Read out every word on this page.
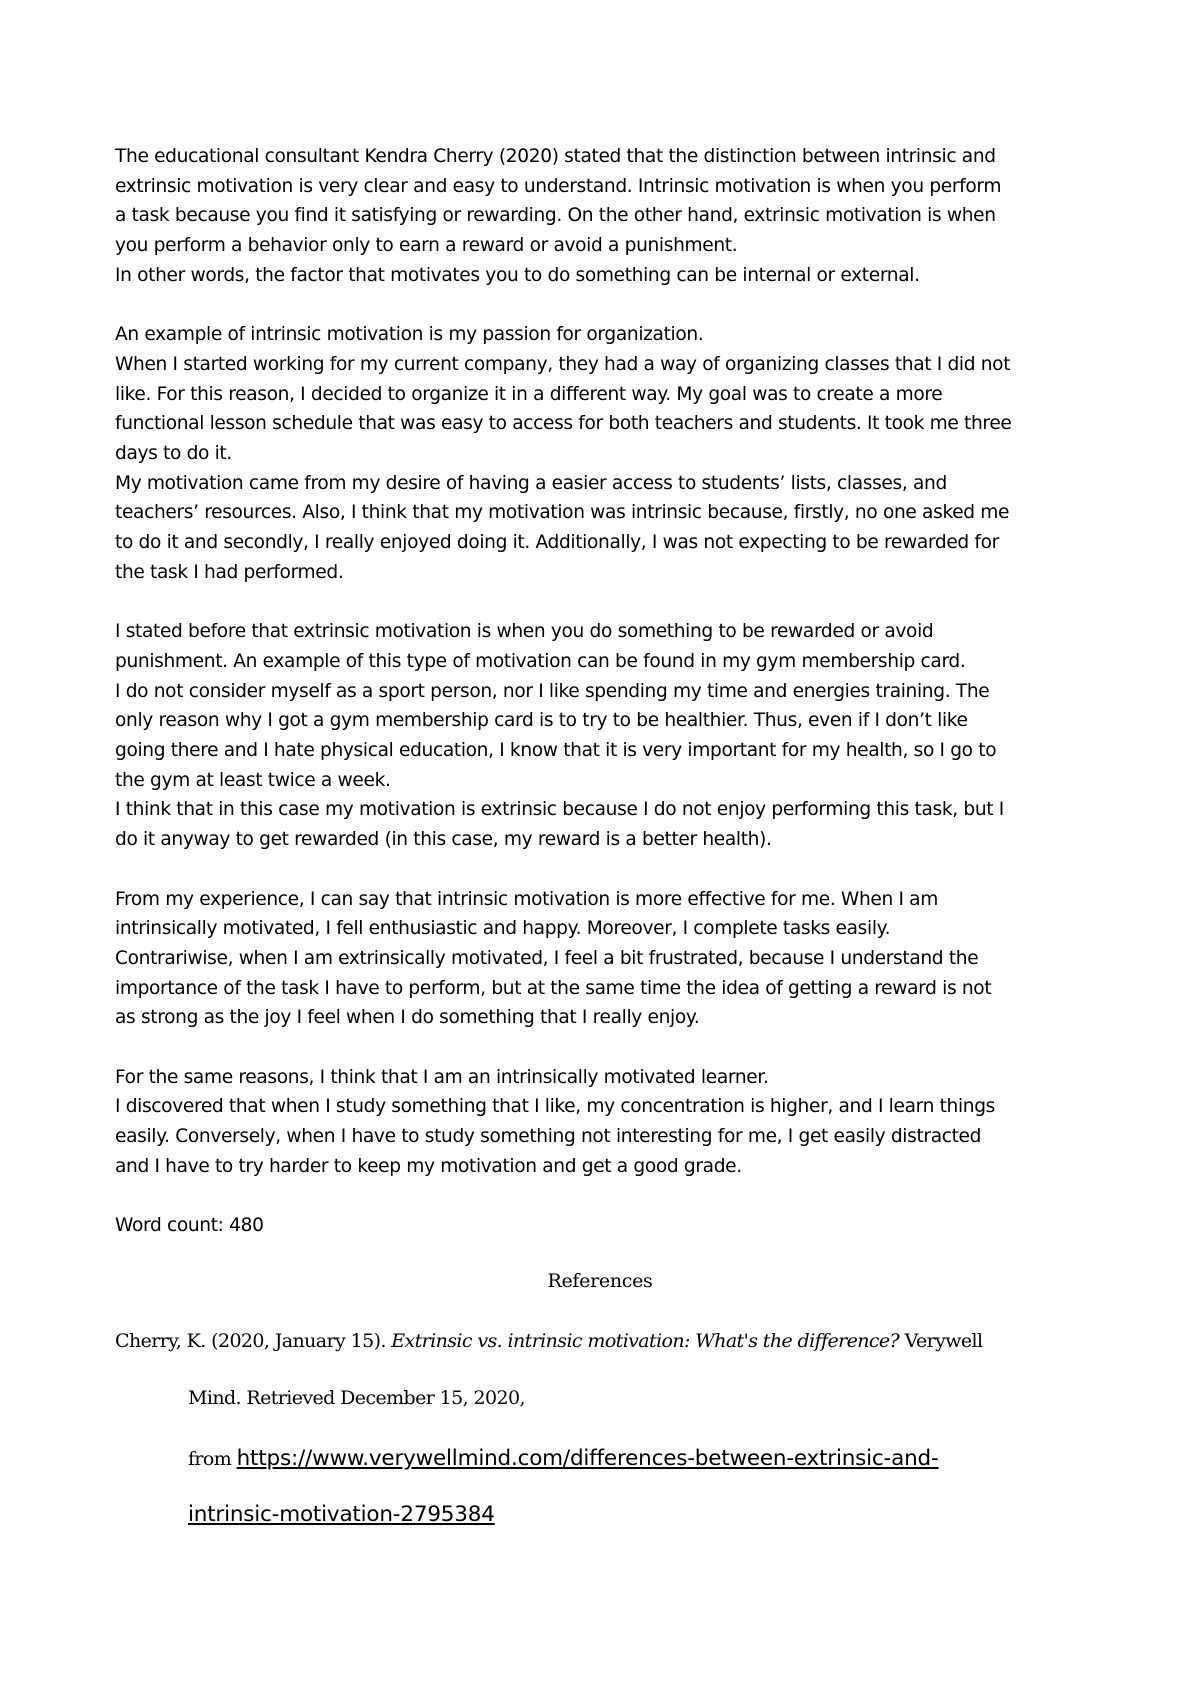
The educational consultant Kendra Cherry (2020) stated that the distinction between intrinsic and

extrinsic motivation is very clear and easy to understand. Intrinsic motivation is when you perform

a task because you find it satisfying or rewarding. On the other hand, extrinsic motivation is when

you perform a behavior only to earn a reward or avoid a punishment.

In other words, the factor that motivates you to do something can be internal or external.

An example of intrinsic motivation is my passion for organization.

When I started working for my current company, they had a way of organizing classes that I did not

like. For this reason, I decided to organize it in a different way. My goal was to create a more

functional lesson schedule that was easy to access for both teachers and students. It took me three

days to do it.

My motivation came from my desire of having a easier access to students’ lists, classes, and

teachers’ resources. Also, I think that my motivation was intrinsic because, firstly, no one asked me

to do it and secondly, I really enjoyed doing it. Additionally, I was not expecting to be rewarded for

the task I had performed.

I stated before that extrinsic motivation is when you do something to be rewarded or avoid

punishment. An example of this type of motivation can be found in my gym membership card.

I do not consider myself as a sport person, nor I like spending my time and energies training. The

only reason why I got a gym membership card is to try to be healthier. Thus, even if I don’t like

going there and I hate physical education, I know that it is very important for my health, so I go to

the gym at least twice a week.

I think that in this case my motivation is extrinsic because I do not enjoy performing this task, but I

do it anyway to get rewarded (in this case, my reward is a better health).

From my experience, I can say that intrinsic motivation is more effective for me. When I am

intrinsically motivated, I fell enthusiastic and happy. Moreover, I complete tasks easily.

Contrariwise, when I am extrinsically motivated, I feel a bit frustrated, because I understand the

importance of the task I have to perform, but at the same time the idea of getting a reward is not

as strong as the joy I feel when I do something that I really enjoy.

For the same reasons, I think that I am an intrinsically motivated learner.

I discovered that when I study something that I like, my concentration is higher, and I learn things

easily. Conversely, when I have to study something not interesting for me, I get easily distracted

and I have to try harder to keep my motivation and get a good grade.

Word count: 480

References
Cherry, K. (2020, January 15). Extrinsic vs. intrinsic motivation: What's the difference? Verywell
Mind. Retrieved December 15, 2020,
from https://www.verywellmind.com/differences-between-extrinsic-and-
intrinsic-motivation-2795384
